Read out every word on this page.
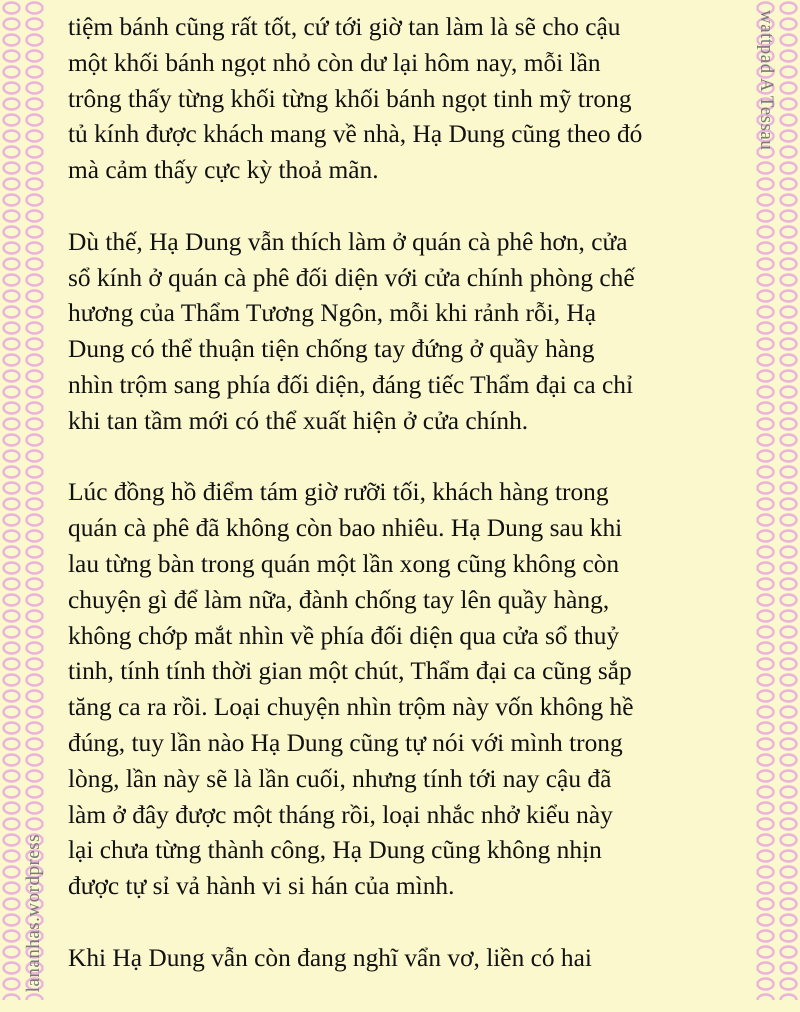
wattpad A Tessau
lananhas.wordpress

tiệm bánh cũng rất tốt, cứ tới giờ tan làm là sẽ cho cậu
một khối bánh ngọt nhỏ còn dư lại hôm nay, mỗi lần
trông thấy từng khối từng khối bánh ngọt tinh mỹ trong
tủ kính được khách mang về nhà, Hạ Dung cũng theo đó
mà cảm thấy cực kỳ thoả mãn.

Dù thế, Hạ Dung vẫn thích làm ở quán cà phê hơn, cửa
sổ kính ở quán cà phê đối diện với cửa chính phòng chế
hương của Thẩm Tương Ngôn, mỗi khi rảnh rỗi, Hạ
Dung có thể thuận tiện chống tay đứng ở quầy hàng
nhìn trộm sang phía đối diện, đáng tiếc Thẩm đại ca chỉ
khi tan tầm mới có thể xuất hiện ở cửa chính.

Lúc đồng hồ điểm tám giờ rưỡi tối, khách hàng trong
quán cà phê đã không còn bao nhiêu. Hạ Dung sau khi
lau từng bàn trong quán một lần xong cũng không còn
chuyện gì để làm nữa, đành chống tay lên quầy hàng,
không chớp mắt nhìn về phía đối diện qua cửa sổ thuỷ
tinh, tính tính thời gian một chút, Thẩm đại ca cũng sắp
tăng ca ra rồi. Loại chuyện nhìn trộm này vốn không hề
đúng, tuy lần nào Hạ Dung cũng tự nói với mình trong
lòng, lần này sẽ là lần cuối, nhưng tính tới nay cậu đã
làm ở đây được một tháng rồi, loại nhắc nhở kiểu này
lại chưa từng thành công, Hạ Dung cũng không nhịn
được tự sỉ vả hành vi si hán của mình.

Khi Hạ Dung vẫn còn đang nghĩ vẩn vơ, liền có hai
